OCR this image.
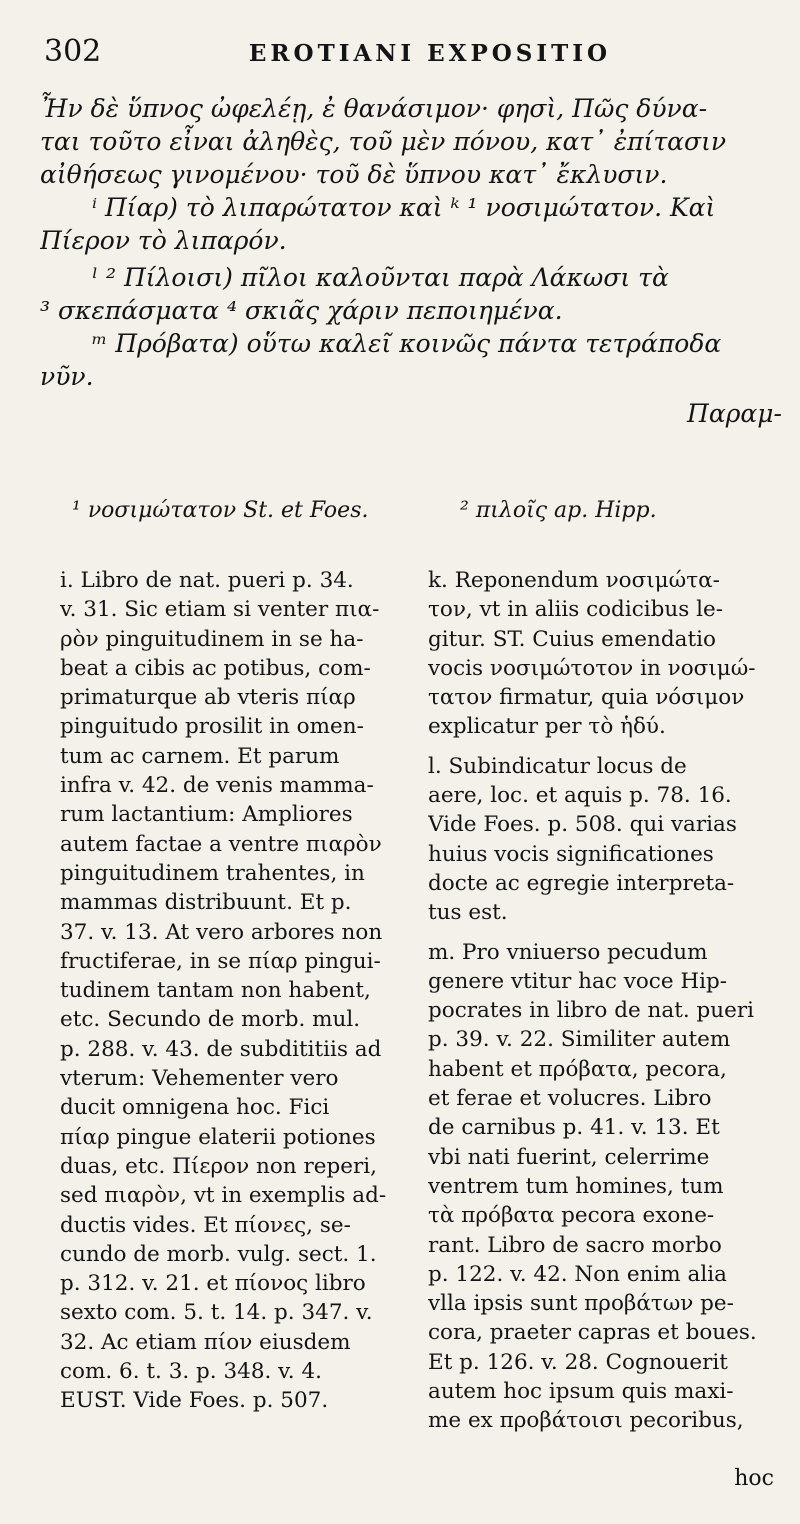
302	EROTIANI EXPOSITIO
Ἦν δὲ ὕπνος ὠφελέῃ, ἐ θανάσιμον· φησὶ, Πῶς δύνα-
ται τοῦτο εἶναι ἀληθὲς, τοῦ μὲν πόνου, κατ᾽ ἐπίτασιν
αἰθήσεως γινομένου· τοῦ δὲ ὕπνου κατ᾽ ἔκλυσιν.
ⁱ Πίαρ) τὸ λιπαρώτατον καὶ ᵏ ¹ νοσιμώτατον. Καὶ
Πίερον τὸ λιπαρόν.
ˡ ² Πίλοισι) πῖλοι καλοῦνται παρὰ Λάκωσι τὰ
³ σκεπάσματα ⁴ σκιᾶς χάριν πεποιημένα.
ᵐ Πρόβατα) οὕτω καλεῖ κοινῶς πάντα τετράποδα
νῦν.
Παραμ-
¹ νοσιμώτατον St. et Foes.	² πιλοῖς ap. Hipp.
i. Libro de nat. pueri p. 34.
v. 31. Sic etiam si venter πια-
ρὸν pinguitudinem in se ha-
beat a cibis ac potibus, com-
primaturque ab vteris πίαρ
pinguitudo prosilit in omen-
tum ac carnem. Et parum
infra v. 42. de venis mamma-
rum lactantium: Ampliores
autem factae a ventre πιαρὸν
pinguitudinem trahentes, in
mammas distribuunt. Et p.
37. v. 13. At vero arbores non
fructiferae, in se πίαρ pingui-
tudinem tantam non habent,
etc. Secundo de morb. mul.
p. 288. v. 43. de subdititiis ad
vterum: Vehementer vero
ducit omnigena hoc. Fici
πίαρ pingue elaterii potiones
duas, etc. Πίερον non reperi,
sed πιαρὸν, vt in exemplis ad-
ductis vides. Et πίονες, se-
cundo de morb. vulg. sect. 1.
p. 312. v. 21. et πίονος libro
sexto com. 5. t. 14. p. 347. v.
32. Ac etiam πίον eiusdem
com. 6. t. 3. p. 348. v. 4.
EUST. Vide Foes. p. 507.
k. Reponendum νοσιμώτα-
τον, vt in aliis codicibus le-
gitur. ST. Cuius emendatio
vocis νοσιμώτοτον in νοσιμώ-
τατον firmatur, quia νόσιμον
explicatur per τὸ ἡδύ.
l. Subindicatur locus de
aere, loc. et aquis p. 78. 16.
Vide Foes. p. 508. qui varias
huius vocis significationes
docte ac egregie interpreta-
tus est.
m. Pro vniuerso pecudum
genere vtitur hac voce Hip-
pocrates in libro de nat. pueri
p. 39. v. 22. Similiter autem
habent et πρόβατα, pecora,
et ferae et volucres. Libro
de carnibus p. 41. v. 13. Et
vbi nati fuerint, celerrime
ventrem tum homines, tum
τὰ πρόβατα pecora exone-
rant. Libro de sacro morbo
p. 122. v. 42. Non enim alia
vlla ipsis sunt προβάτων pe-
cora, praeter capras et boues.
Et p. 126. v. 28. Cognouerit
autem hoc ipsum quis maxi-
me ex προβάτοισι pecoribus,
hoc
